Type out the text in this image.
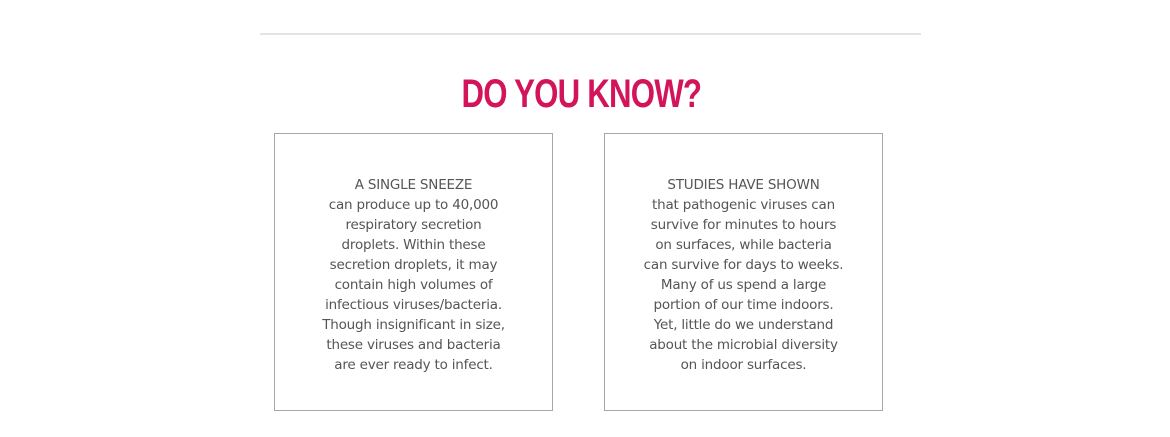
DO YOU KNOW?
A SINGLE SNEEZE
can produce up to 40,000
respiratory secretion
droplets. Within these
secretion droplets, it may
contain high volumes of
infectious viruses/bacteria.
Though insignificant in size,
these viruses and bacteria
are ever ready to infect.
STUDIES HAVE SHOWN
that pathogenic viruses can
survive for minutes to hours
on surfaces, while bacteria
can survive for days to weeks.
Many of us spend a large
portion of our time indoors.
Yet, little do we understand
about the microbial diversity
on indoor surfaces.
